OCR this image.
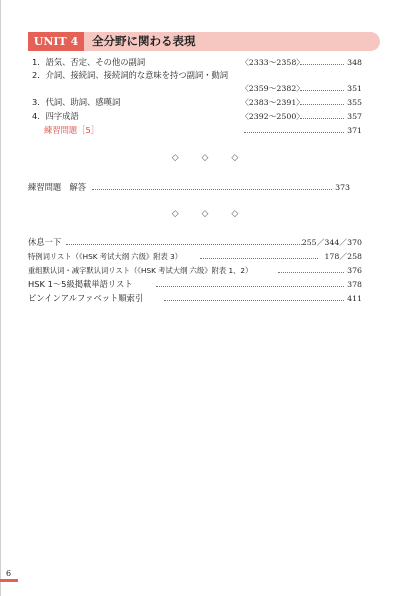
UNIT 4	全分野に関わる表現
1．語気、否定、その他の副詞	〈2333～2358〉	348
2．介詞、接続詞、接続詞的な意味を持つ副詞・動詞
〈2359～2382〉	351
3．代詞、助詞、感嘆詞	〈2383～2391〉	355
4．四字成語	〈2392～2500〉	357
練習問題［5］	371
◇ ◇ ◇
練習問題　解答	373
◇ ◇ ◇
休息一下	255／344／370
特例词リスト（《HSK 考试大纲 六级》附表 3）	178／258
重组默认词・减字默认词リスト（《HSK 考试大纲 六级》附表 1、2）	376
HSK 1～5級掲載単語リスト	378
ピンインアルファベット順索引	411
6
